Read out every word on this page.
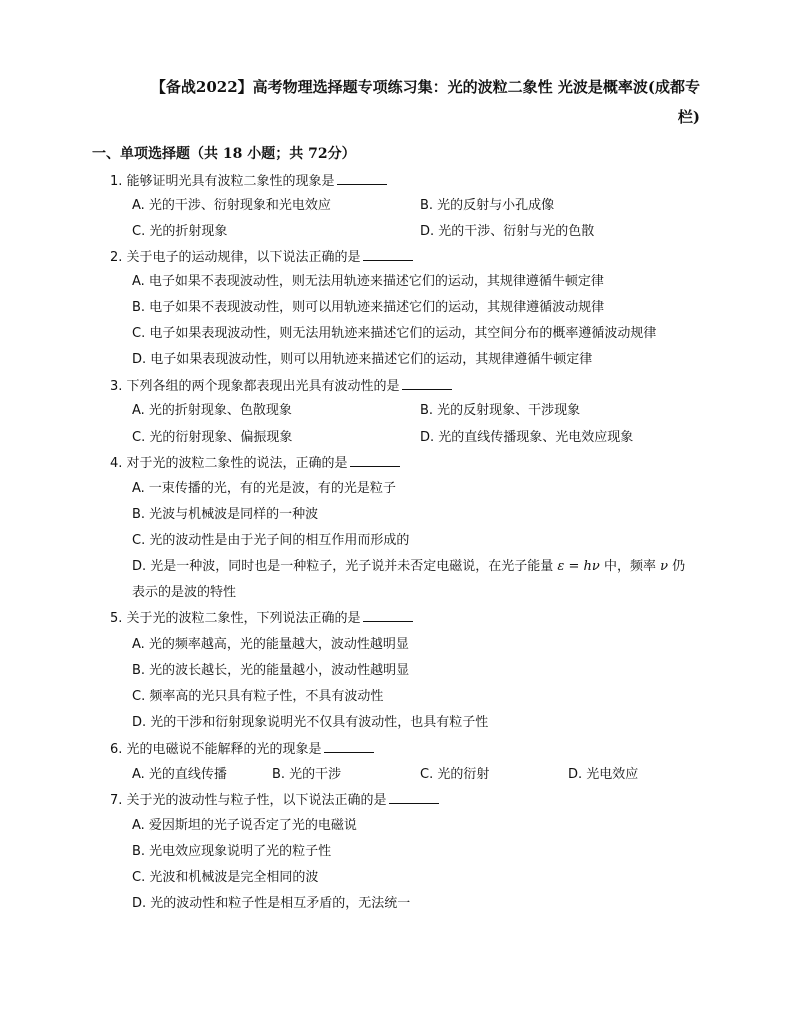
【备战2022】高考物理选择题专项练习集：光的波粒二象性 光波是概率波(成都专栏)
一、单项选择题（共 18 小题；共 72分）
1. 能够证明光具有波粒二象性的现象是
A. 光的干涉、衍射现象和光电效应	B. 光的反射与小孔成像
C. 光的折射现象	D. 光的干涉、衍射与光的色散
2. 关于电子的运动规律，以下说法正确的是
A. 电子如果不表现波动性，则无法用轨迹来描述它们的运动，其规律遵循牛顿定律
B. 电子如果不表现波动性，则可以用轨迹来描述它们的运动，其规律遵循波动规律
C. 电子如果表现波动性，则无法用轨迹来描述它们的运动，其空间分布的概率遵循波动规律
D. 电子如果表现波动性，则可以用轨迹来描述它们的运动，其规律遵循牛顿定律
3. 下列各组的两个现象都表现出光具有波动性的是
A. 光的折射现象、色散现象	B. 光的反射现象、干涉现象
C. 光的衍射现象、偏振现象	D. 光的直线传播现象、光电效应现象
4. 对于光的波粒二象性的说法，正确的是
A. 一束传播的光，有的光是波，有的光是粒子
B. 光波与机械波是同样的一种波
C. 光的波动性是由于光子间的相互作用而形成的
D. 光是一种波，同时也是一种粒子，光子说并未否定电磁说，在光子能量 ε = hν 中，频率 ν 仍表示的是波的特性
5. 关于光的波粒二象性，下列说法正确的是
A. 光的频率越高，光的能量越大，波动性越明显
B. 光的波长越长，光的能量越小，波动性越明显
C. 频率高的光只具有粒子性，不具有波动性
D. 光的干涉和衍射现象说明光不仅具有波动性，也具有粒子性
6. 光的电磁说不能解释的光的现象是
A. 光的直线传播	B. 光的干涉	C. 光的衍射	D. 光电效应
7. 关于光的波动性与粒子性，以下说法正确的是
A. 爱因斯坦的光子说否定了光的电磁说
B. 光电效应现象说明了光的粒子性
C. 光波和机械波是完全相同的波
D. 光的波动性和粒子性是相互矛盾的，无法统一
